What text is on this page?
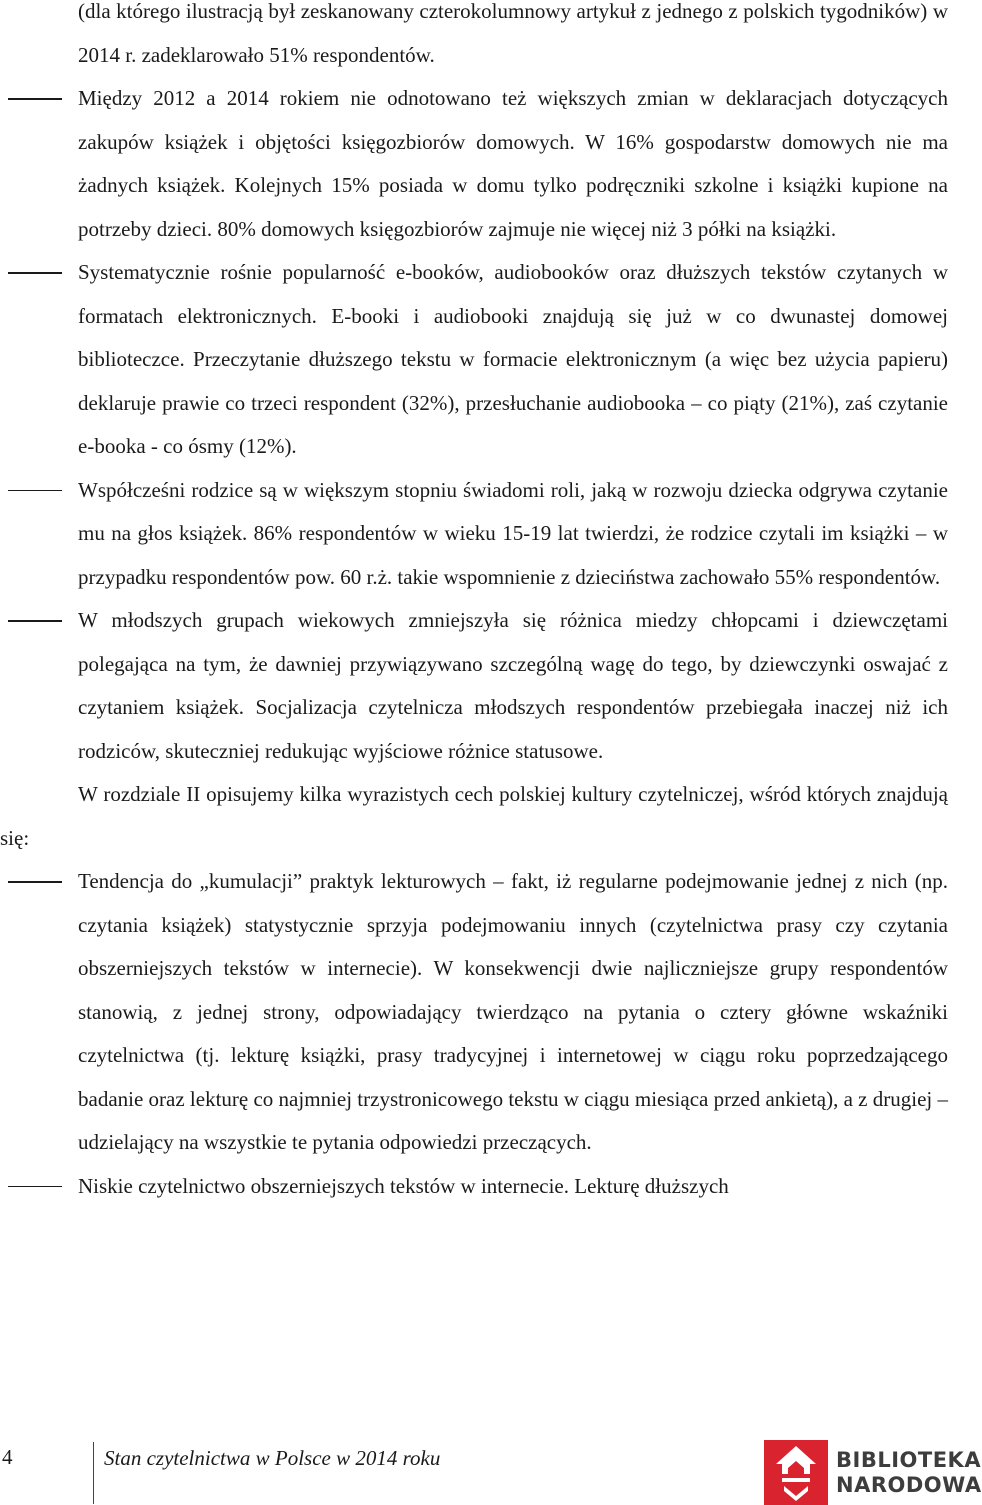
(dla którego ilustracją był zeskanowany czterokolumnowy artykuł z jednego z polskich tygodników) w 2014 r. zadeklarowało 51% respondentów.

Między 2012 a 2014 rokiem nie odnotowano też większych zmian w deklaracjach dotyczących zakupów książek i objętości księgozbiorów domowych. W 16% gospodarstw domowych nie ma żadnych książek. Kolejnych 15% posiada w domu tylko podręczniki szkolne i książki kupione na potrzeby dzieci. 80% domowych księgozbiorów zajmuje nie więcej niż 3 półki na książki.
Systematycznie rośnie popularność e-booków, audiobooków oraz dłuższych tekstów czytanych w formatach elektronicznych. E-booki i audiobooki znajdują się już w co dwunastej domowej biblioteczce. Przeczytanie dłuższego tekstu w formacie elektronicznym (a więc bez użycia papieru) deklaruje prawie co trzeci respondent (32%), przesłuchanie audiobooka – co piąty (21%), zaś czytanie e-booka - co ósmy (12%).
Współcześni rodzice są w większym stopniu świadomi roli, jaką w rozwoju dziecka odgrywa czytanie mu na głos książek. 86% respondentów w wieku 15-19 lat twierdzi, że rodzice czytali im książki – w przypadku respondentów pow. 60 r.ż. takie wspomnienie z dzieciństwa zachowało 55% respondentów.
W młodszych grupach wiekowych zmniejszyła się różnica miedzy chłopcami i dziewczętami polegająca na tym, że dawniej przywiązywano szczególną wagę do tego, by dziewczynki oswajać z czytaniem książek. Socjalizacja czytelnicza młodszych respondentów przebiegała inaczej niż ich rodziców, skuteczniej redukując wyjściowe różnice statusowe.

W rozdziale II opisujemy kilka wyrazistych cech polskiej kultury czytelniczej, wśród których znajdują się:

Tendencja do „kumulacji” praktyk lekturowych – fakt, iż regularne podejmowanie jednej z nich (np. czytania książek) statystycznie sprzyja podejmowaniu innych (czytelnictwa prasy czy czytania obszerniejszych tekstów w internecie). W konsekwencji dwie najliczniejsze grupy respondentów stanowią, z jednej strony, odpowiadający twierdząco na pytania o cztery główne wskaźniki czytelnictwa (tj. lekturę książki, prasy tradycyjnej i internetowej w ciągu roku poprzedzającego badanie oraz lekturę co najmniej trzystronicowego tekstu w ciągu miesiąca przed ankietą), a z drugiej – udzielający na wszystkie te pytania odpowiedzi przeczących.
Niskie czytelnictwo obszerniejszych tekstów w internecie. Lekturę dłuższych
4	Stan czytelnictwa w Polsce w 2014 roku	BIBLIOTEKA
NARODOWA
